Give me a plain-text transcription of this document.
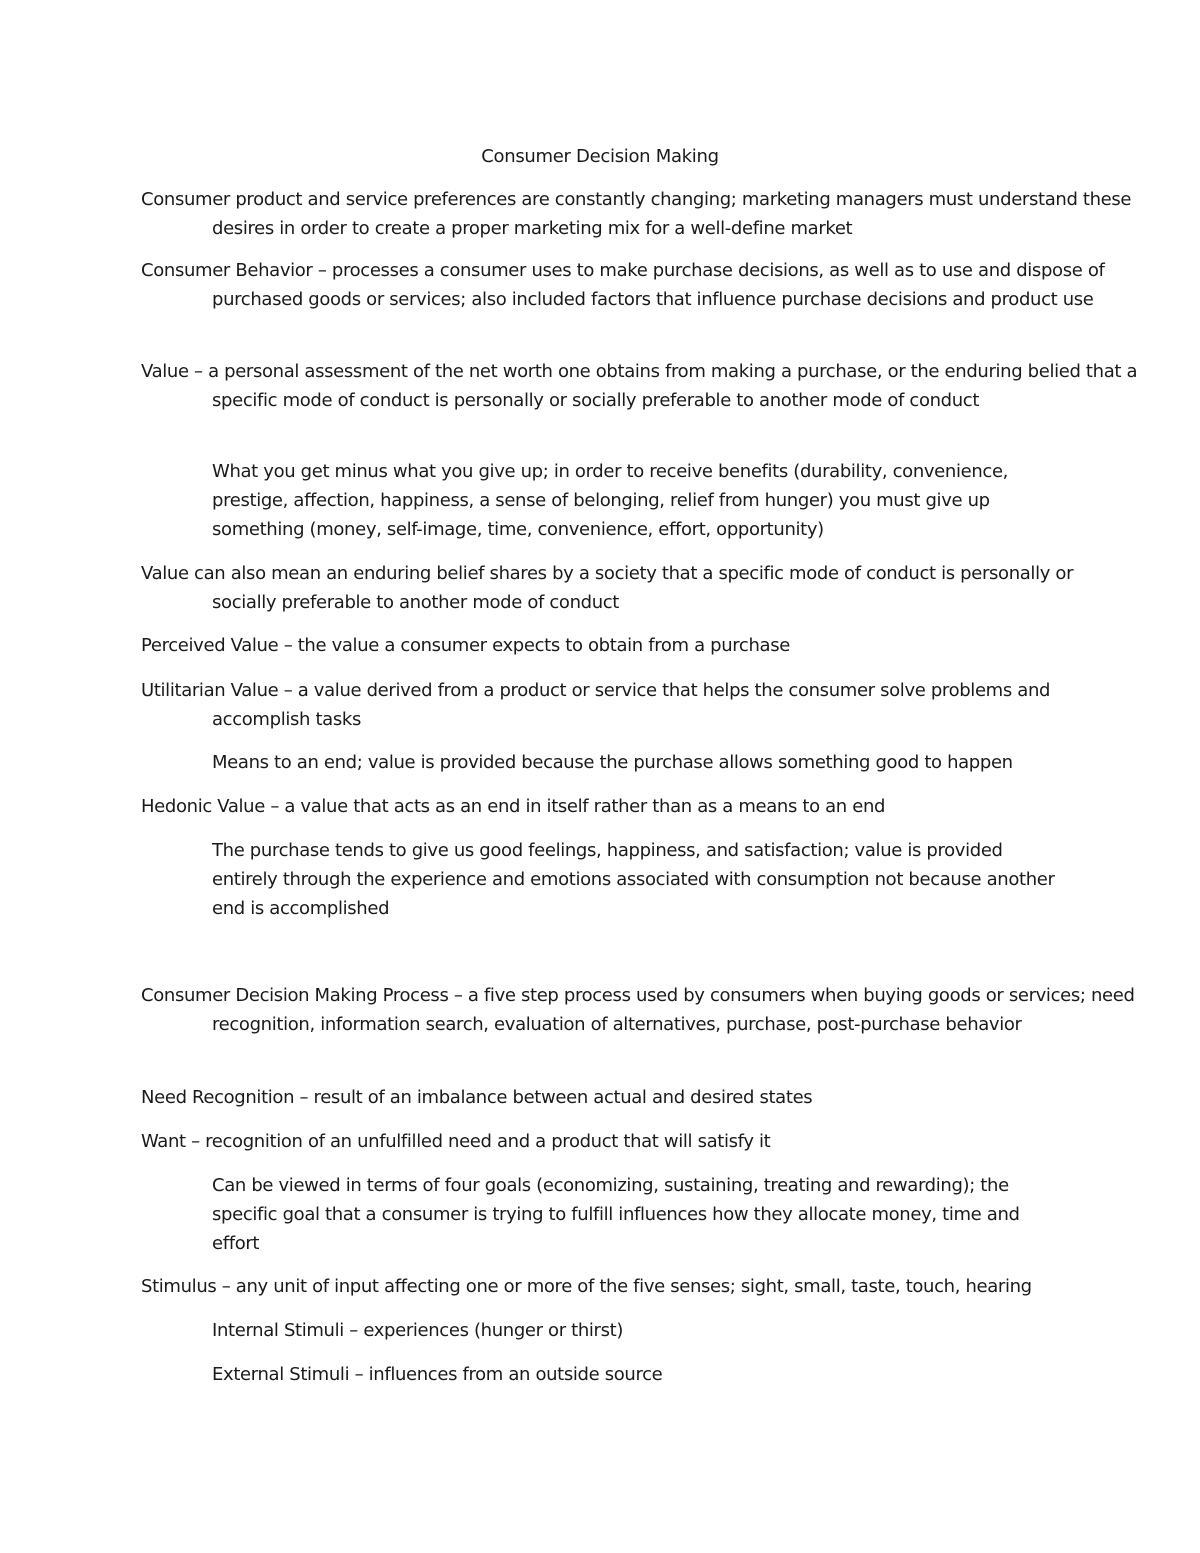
Consumer Decision Making

Consumer product and service preferences are constantly changing; marketing managers must understand these desires in order to create a proper marketing mix for a well-define market

Consumer Behavior – processes a consumer uses to make purchase decisions, as well as to use and dispose of purchased goods or services; also included factors that influence purchase decisions and product use

Value – a personal assessment of the net worth one obtains from making a purchase, or the enduring belied that a specific mode of conduct is personally or socially preferable to another mode of conduct

What you get minus what you give up; in order to receive benefits (durability, convenience, prestige, affection, happiness, a sense of belonging, relief from hunger) you must give up something (money, self-image, time, convenience, effort, opportunity)

Value can also mean an enduring belief shares by a society that a specific mode of conduct is personally or socially preferable to another mode of conduct

Perceived Value – the value a consumer expects to obtain from a purchase

Utilitarian Value – a value derived from a product or service that helps the consumer solve problems and accomplish tasks

Means to an end; value is provided because the purchase allows something good to happen

Hedonic Value – a value that acts as an end in itself rather than as a means to an end

The purchase tends to give us good feelings, happiness, and satisfaction; value is provided entirely through the experience and emotions associated with consumption not because another end is accomplished

Consumer Decision Making Process – a five step process used by consumers when buying goods or services; need recognition, information search, evaluation of alternatives, purchase, post-purchase behavior

Need Recognition – result of an imbalance between actual and desired states

Want – recognition of an unfulfilled need and a product that will satisfy it

Can be viewed in terms of four goals (economizing, sustaining, treating and rewarding); the specific goal that a consumer is trying to fulfill influences how they allocate money, time and effort

Stimulus – any unit of input affecting one or more of the five senses; sight, small, taste, touch, hearing

Internal Stimuli – experiences (hunger or thirst)

External Stimuli – influences from an outside source
